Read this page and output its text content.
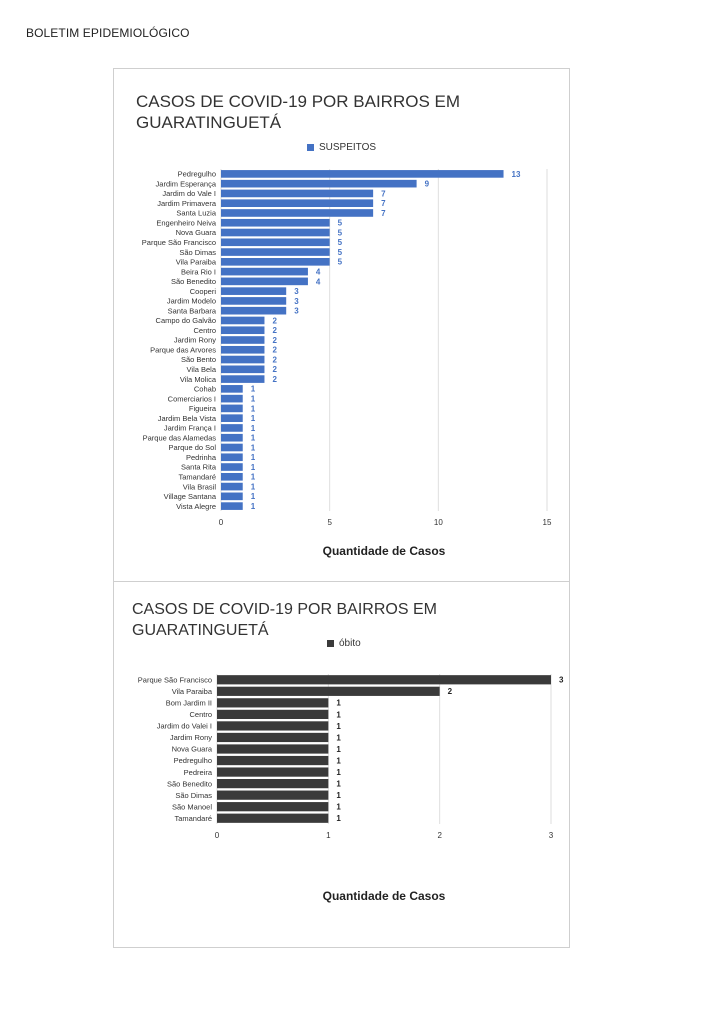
BOLETIM EPIDEMIOLÓGICO
CASOS DE COVID-19 POR BAIRROS EM GUARATINGUETÁ
SUSPEITOS
0	5	10	15
Pedregulho	13
Jardim Esperança	9
Jardim do Vale I	7
Jardim Primavera	7
Santa Luzia	7
Engenheiro Neiva	5
Nova Guara	5
Parque São Francisco	5
São Dimas	5
Vila Paraiba	5
Beira Rio I	4
São Benedito	4
Cooperi	3
Jardim Modelo	3
Santa Barbara	3
Campo do Galvão	2
Centro	2
Jardim Rony	2
Parque das Arvores	2
São Bento	2
Vila Bela	2
Vila Molica	2
Cohab	1
Comerciarios I	1
Figueira	1
Jardim Bela Vista	1
Jardim França I	1
Parque das Alamedas	1
Parque do Sol	1
Pedrinha	1
Santa Rita	1
Tamandaré	1
Vila Brasil	1
Village Santana	1
Vista Alegre	1
Quantidade de Casos
CASOS DE COVID-19 POR BAIRROS EM GUARATINGUETÁ
óbito
0	1	2	3
Parque São Francisco	3
Vila Paraiba	2
Bom Jardim II	1
Centro	1
Jardim do Valei I	1
Jardim Rony	1
Nova Guara	1
Pedregulho	1
Pedreira	1
São Benedito	1
São Dimas	1
São Manoel	1
Tamandaré	1
Quantidade de Casos
